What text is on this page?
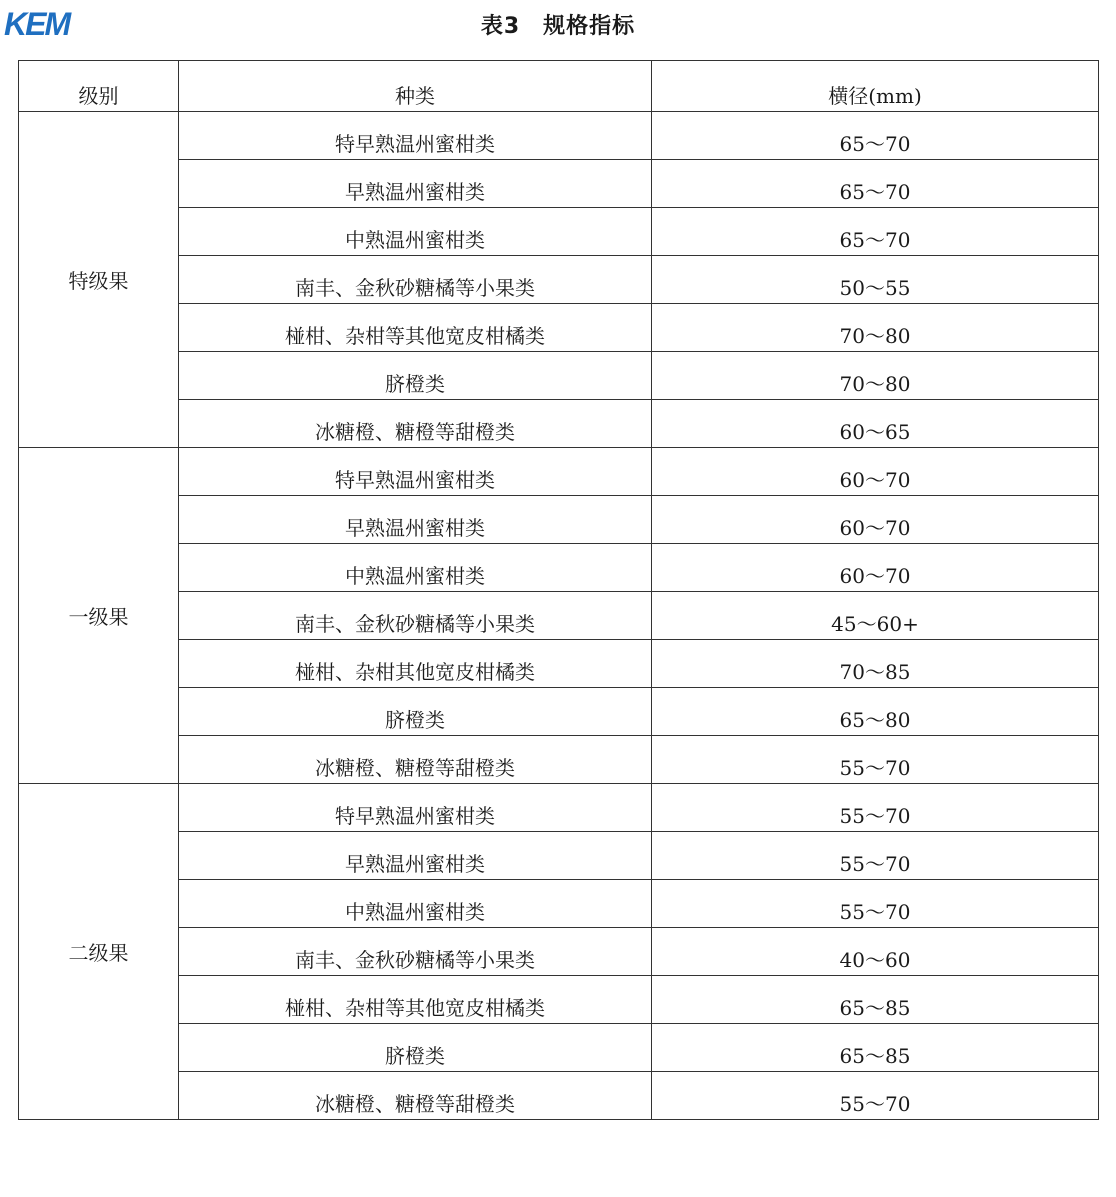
KEM	表3　规格指标
级别	种类	横径(mm)
特级果	特早熟温州蜜柑类	65～70
	早熟温州蜜柑类	65～70
	中熟温州蜜柑类	65～70
	南丰、金秋砂糖橘等小果类	50～55
	椪柑、杂柑等其他宽皮柑橘类	70～80
	脐橙类	70～80
	冰糖橙、糖橙等甜橙类	60～65
一级果	特早熟温州蜜柑类	60～70
	早熟温州蜜柑类	60～70
	中熟温州蜜柑类	60～70
	南丰、金秋砂糖橘等小果类	45～60+
	椪柑、杂柑其他宽皮柑橘类	70～85
	脐橙类	65～80
	冰糖橙、糖橙等甜橙类	55～70
二级果	特早熟温州蜜柑类	55～70
	早熟温州蜜柑类	55～70
	中熟温州蜜柑类	55～70
	南丰、金秋砂糖橘等小果类	40～60
	椪柑、杂柑等其他宽皮柑橘类	65～85
	脐橙类	65～85
	冰糖橙、糖橙等甜橙类	55～70
